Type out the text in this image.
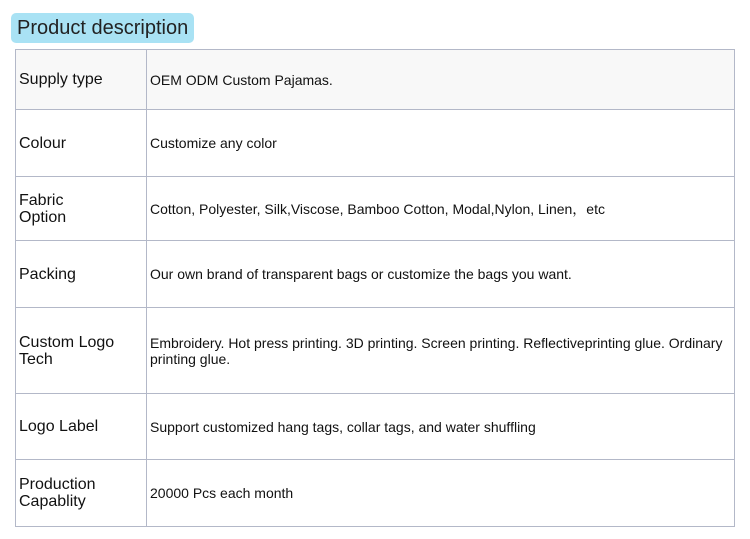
Product description
Supply type	OEM ODM Custom Pajamas.
Colour	Customize any color
Fabric
Option	Cotton, Polyester, Silk,Viscose, Bamboo Cotton, Modal,Nylon, Linen，etc
Packing	Our own brand of transparent bags or customize the bags you want.
Custom Logo
Tech	Embroidery. Hot press printing. 3D printing. Screen printing. Reflectiveprinting glue. Ordinary printing glue.
Logo Label	Support customized hang tags, collar tags, and water shuffling
Production
Capablity	20000 Pcs each month
